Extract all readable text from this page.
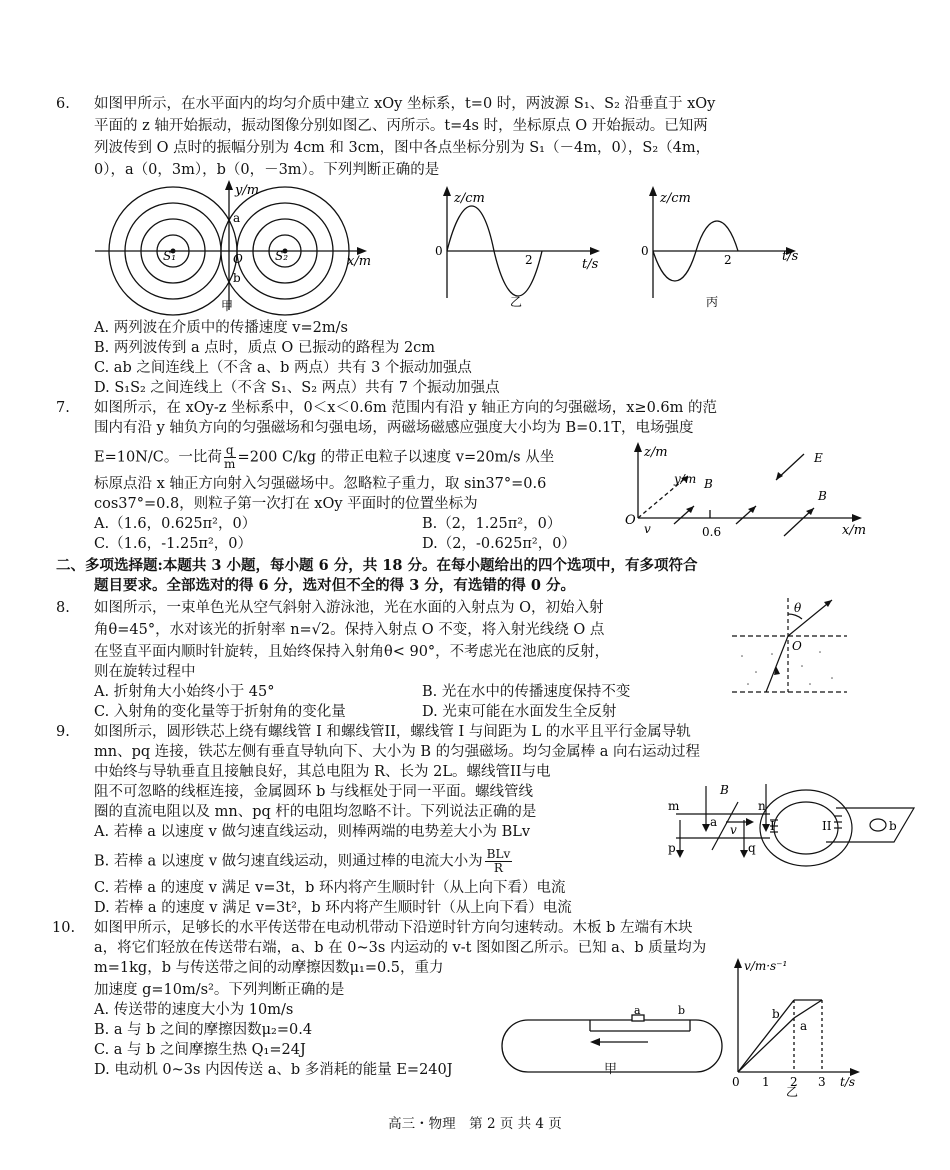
6. 如图甲所示，在水平面内的均匀介质中建立 xOy 坐标系，t=0 时，两波源 S₁、S₂ 沿垂直于 xOy
平面的 z 轴开始振动，振动图像分别如图乙、丙所示。t=4s 时，坐标原点 O 开始振动。已知两
列波传到 O 点时的振幅分别为 4cm 和 3cm，图中各点坐标分别为 S₁（－4m，0），S₂（4m，
0），a（0，3m），b（0，－3m）。下列判断正确的是
y/m
x/m
S₁	S₂
a
b
O
甲
z/cm
0
2	t/s
乙
z/cm
0
2	t/s
丙
A. 两列波在介质中的传播速度 v=2m/s
B. 两列波传到 a 点时，质点 O 已振动的路程为 2cm
C. ab 之间连线上（不含 a、b 两点）共有 3 个振动加强点
D. S₁S₂ 之间连线上（不含 S₁、S₂ 两点）共有 7 个振动加强点
7. 如图所示，在 xOy-z 坐标系中，0＜x＜0.6m 范围内有沿 y 轴正方向的匀强磁场，x≥0.6m 的范
围内有沿 y 轴负方向的匀强磁场和匀强电场，两磁场磁感应强度大小均为 B=0.1T，电场强度
E=10N/C。一比荷 $\frac{q}{m} =200$ C/kg 的带正电粒子以速度 v=20m/s 从坐
标原点沿 x 轴正方向射入匀强磁场中。忽略粒子重力，取 sin37°=0.6
cos37°=0.8，则粒子第一次打在 xOy 平面时的位置坐标为
A.（1.6，0.625π²，0）	B.（2，1.25π²，0）
C.（1.6，-1.25π²，0）	D.（2，-0.625π²，0）
z/m
y/m
x/m
O
v
B
B
E
0.6
二、多项选择题:本题共 3 小题，每小题 6 分，共 18 分。在每小题给出的四个选项中，有多项符合
题目要求。全部选对的得 6 分，选对但不全的得 3 分，有选错的得 0 分。
8. 如图所示，一束单色光从空气斜射入游泳池，光在水面的入射点为 O，初始入射
角θ=45°，水对该光的折射率 n=√2。保持入射点 O 不变，将入射光线绕 O 点
在竖直平面内顺时针旋转，且始终保持入射角θ< 90°，不考虑光在池底的反射，
则在旋转过程中
A. 折射角大小始终小于 45°	B. 光在水中的传播速度保持不变
C. 入射角的变化量等于折射角的变化量	D. 光束可能在水面发生全反射
θ
O
9. 如图所示，圆形铁芯上绕有螺线管 I 和螺线管II，螺线管 I 与间距为 L 的水平且平行金属导轨
mn、pq 连接，铁芯左侧有垂直导轨向下、大小为 B 的匀强磁场。均匀金属棒 a 向右运动过程
中始终与导轨垂直且接触良好，其总电阻为 R、长为 2L。螺线管II与电
阻不可忽略的线框连接，金属圆环 b 与线框处于同一平面。螺线管线
圈的直流电阻以及 mn、pq 杆的电阻均忽略不计。下列说法正确的是
A. 若棒 a 以速度 v 做匀速直线运动，则棒两端的电势差大小为 BLv
B. 若棒 a 以速度 v 做匀速直线运动，则通过棒的电流大小为 $\frac{\text{BLv}}{R}$
C. 若棒 a 的速度 v 满足 v=3t，b 环内将产生顺时针（从上向下看）电流
D. 若棒 a 的速度 v 满足 v=3t²，b 环内将产生顺时针（从上向下看）电流
B
m	n
p	q
a
v	I	II	b
10. 如图甲所示，足够长的水平传送带在电动机带动下沿逆时针方向匀速转动。木板 b 左端有木块
a，将它们轻放在传送带右端，a、b 在 0~3s 内运动的 v-t 图如图乙所示。已知 a、b 质量均为
m=1kg，b 与传送带之间的动摩擦因数μ₁=0.5，重力
加速度 g=10m/s²。下列判断正确的是
A. 传送带的速度大小为 10m/s
B. a 与 b 之间的摩擦因数μ₂=0.4
C. a 与 b 之间摩擦生热 Q₁=24J
D. 电动机 0~3s 内因传送 a、b 多消耗的能量 E=240J
a	b
甲
v/m·s⁻¹
b
a
0 1 2 3 t/s
乙
高三・物理　第 2 页 共 4 页
